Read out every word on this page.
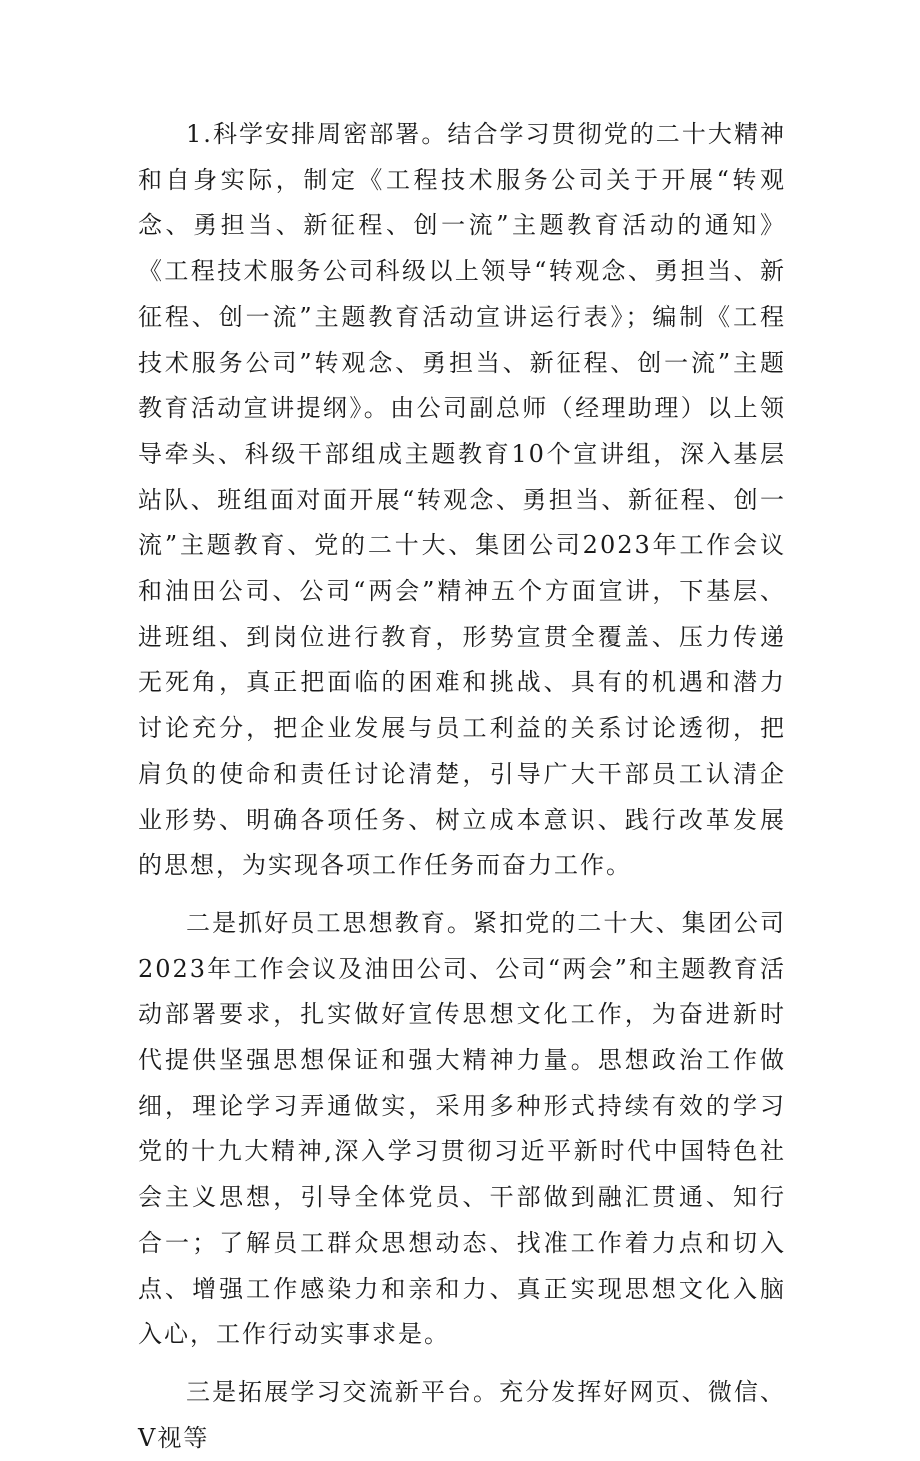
1.科学安排周密部署。结合学习贯彻党的二十大精神和自身实际，制定《工程技术服务公司关于开展“转观念、勇担当、新征程、创一流”主题教育活动的通知》《工程技术服务公司科级以上领导“转观念、勇担当、新征程、创一流”主题教育活动宣讲运行表》；编制《工程技术服务公司”转观念、勇担当、新征程、创一流”主题教育活动宣讲提纲》。由公司副总师（经理助理）以上领导牵头、科级干部组成主题教育10个宣讲组，深入基层站队、班组面对面开展“转观念、勇担当、新征程、创一流”主题教育、党的二十大、集团公司2023年工作会议和油田公司、公司“两会”精神五个方面宣讲，下基层、进班组、到岗位进行教育，形势宣贯全覆盖、压力传递无死角，真正把面临的困难和挑战、具有的机遇和潜力讨论充分，把企业发展与员工利益的关系讨论透彻，把肩负的使命和责任讨论清楚，引导广大干部员工认清企业形势、明确各项任务、树立成本意识、践行改革发展的思想，为实现各项工作任务而奋力工作。

二是抓好员工思想教育。紧扣党的二十大、集团公司2023年工作会议及油田公司、公司“两会”和主题教育活动部署要求，扎实做好宣传思想文化工作，为奋进新时代提供坚强思想保证和强大精神力量。思想政治工作做细，理论学习弄通做实，采用多种形式持续有效的学习党的十九大精神,深入学习贯彻习近平新时代中国特色社会主义思想，引导全体党员、干部做到融汇贯通、知行合一；了解员工群众思想动态、找准工作着力点和切入点、增强工作感染力和亲和力、真正实现思想文化入脑入心，工作行动实事求是。

三是拓展学习交流新平台。充分发挥好网页、微信、V视等
